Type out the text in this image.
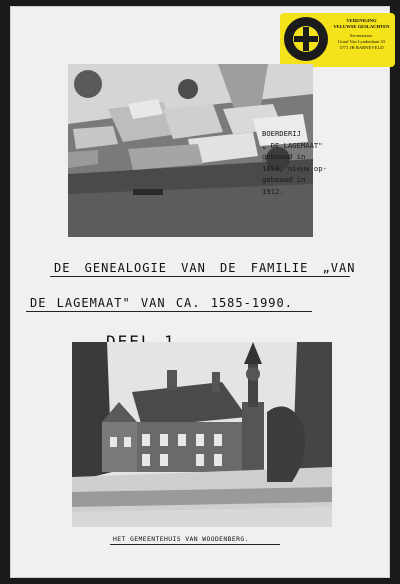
VERENIGING
VELUWSE GESLACHTEN
Secretariaat:
Graaf Van Lyndenlaan 33
3771 JB BARNEVELD
BOERDERIJ
„ DE LAGEMAAT"
gebouwd in
1694, nieuw op-
gebouwd in
1912.
DE GENEALOGIE VAN DE FAMILIE „VAN
DE LAGEMAAT" VAN CA. 1585-1990.
HET GEMEENTEHUIS VAN WOODENBERG.
